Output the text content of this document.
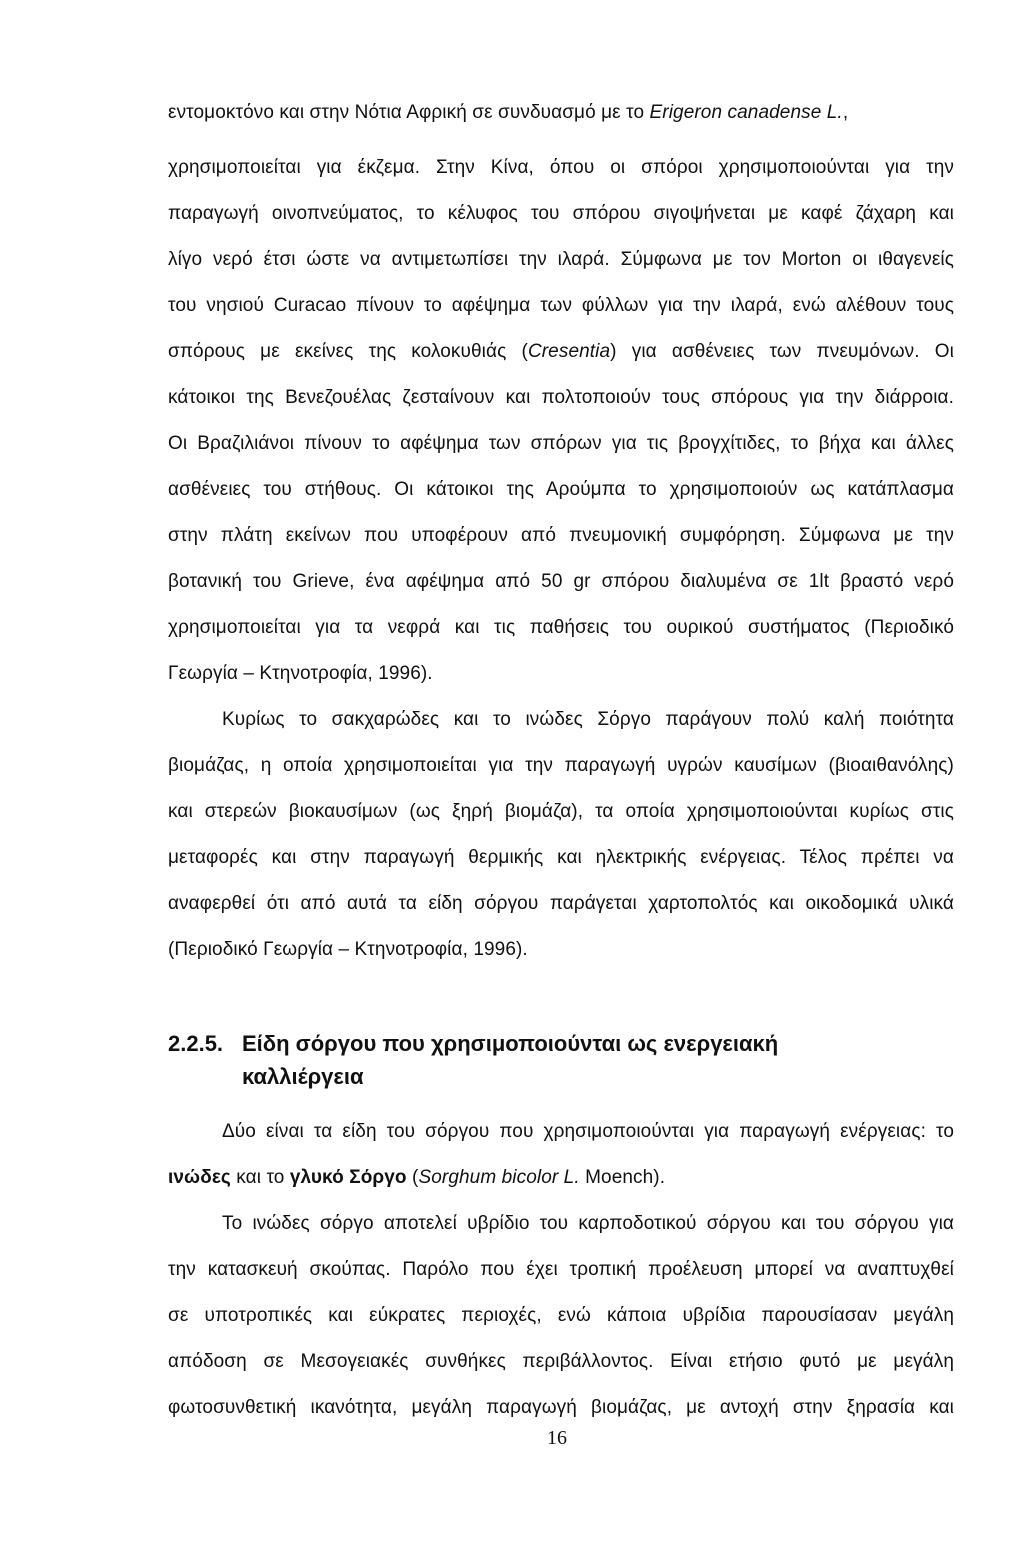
εντομοκτόνο και στην Νότια Αφρική σε συνδυασμό με το Erigeron canadense L.,
χρησιμοποιείται για έκζεμα. Στην Κίνα, όπου οι σπόροι χρησιμοποιούνται για την
παραγωγή οινοπνεύματος, το κέλυφος του σπόρου σιγοψήνεται με καφέ ζάχαρη και
λίγο νερό έτσι ώστε να αντιμετωπίσει την ιλαρά. Σύμφωνα με τον Morton οι ιθαγενείς
του νησιού Curacao πίνουν το αφέψημα των φύλλων για την ιλαρά, ενώ αλέθουν τους
σπόρους με εκείνες της κολοκυθιάς (Cresentia) για ασθένειες των πνευμόνων. Οι
κάτοικοι της Βενεζουέλας ζεσταίνουν και πολτοποιούν τους σπόρους για την διάρροια.
Οι Βραζιλιάνοι πίνουν το αφέψημα των σπόρων για τις βρογχίτιδες, το βήχα και άλλες
ασθένειες του στήθους. Οι κάτοικοι της Αρούμπα το χρησιμοποιούν ως κατάπλασμα
στην πλάτη εκείνων που υποφέρουν από πνευμονική συμφόρηση. Σύμφωνα με την
βοτανική του Grieve, ένα αφέψημα από 50 gr σπόρου διαλυμένα σε 1lt βραστό νερό
χρησιμοποιείται για τα νεφρά και τις παθήσεις του ουρικού συστήματος (Περιοδικό
Γεωργία – Κτηνοτροφία, 1996).
Κυρίως το σακχαρώδες και το ινώδες Σόργο παράγουν πολύ καλή ποιότητα
βιομάζας, η οποία χρησιμοποιείται για την παραγωγή υγρών καυσίμων (βιοαιθανόλης)
και στερεών βιοκαυσίμων (ως ξηρή βιομάζα), τα οποία χρησιμοποιούνται κυρίως στις
μεταφορές και στην παραγωγή θερμικής και ηλεκτρικής ενέργειας. Τέλος πρέπει να
αναφερθεί ότι από αυτά τα είδη σόργου παράγεται χαρτοπολτός και οικοδομικά υλικά
(Περιοδικό Γεωργία – Κτηνοτροφία, 1996).
2.2.5. Είδη σόργου που χρησιμοποιούνται ως ενεργειακή
καλλιέργεια
Δύο είναι τα είδη του σόργου που χρησιμοποιούνται για παραγωγή ενέργειας: το
ινώδες και το γλυκό Σόργο (Sorghum bicolor L. Moench).
Το ινώδες σόργο αποτελεί υβρίδιο του καρποδοτικού σόργου και του σόργου για
την κατασκευή σκούπας. Παρόλο που έχει τροπική προέλευση μπορεί να αναπτυχθεί
σε υποτροπικές και εύκρατες περιοχές, ενώ κάποια υβρίδια παρουσίασαν μεγάλη
απόδοση σε Μεσογειακές συνθήκες περιβάλλοντος. Είναι ετήσιο φυτό με μεγάλη
φωτοσυνθετική ικανότητα, μεγάλη παραγωγή βιομάζας, με αντοχή στην ξηρασία και
16
